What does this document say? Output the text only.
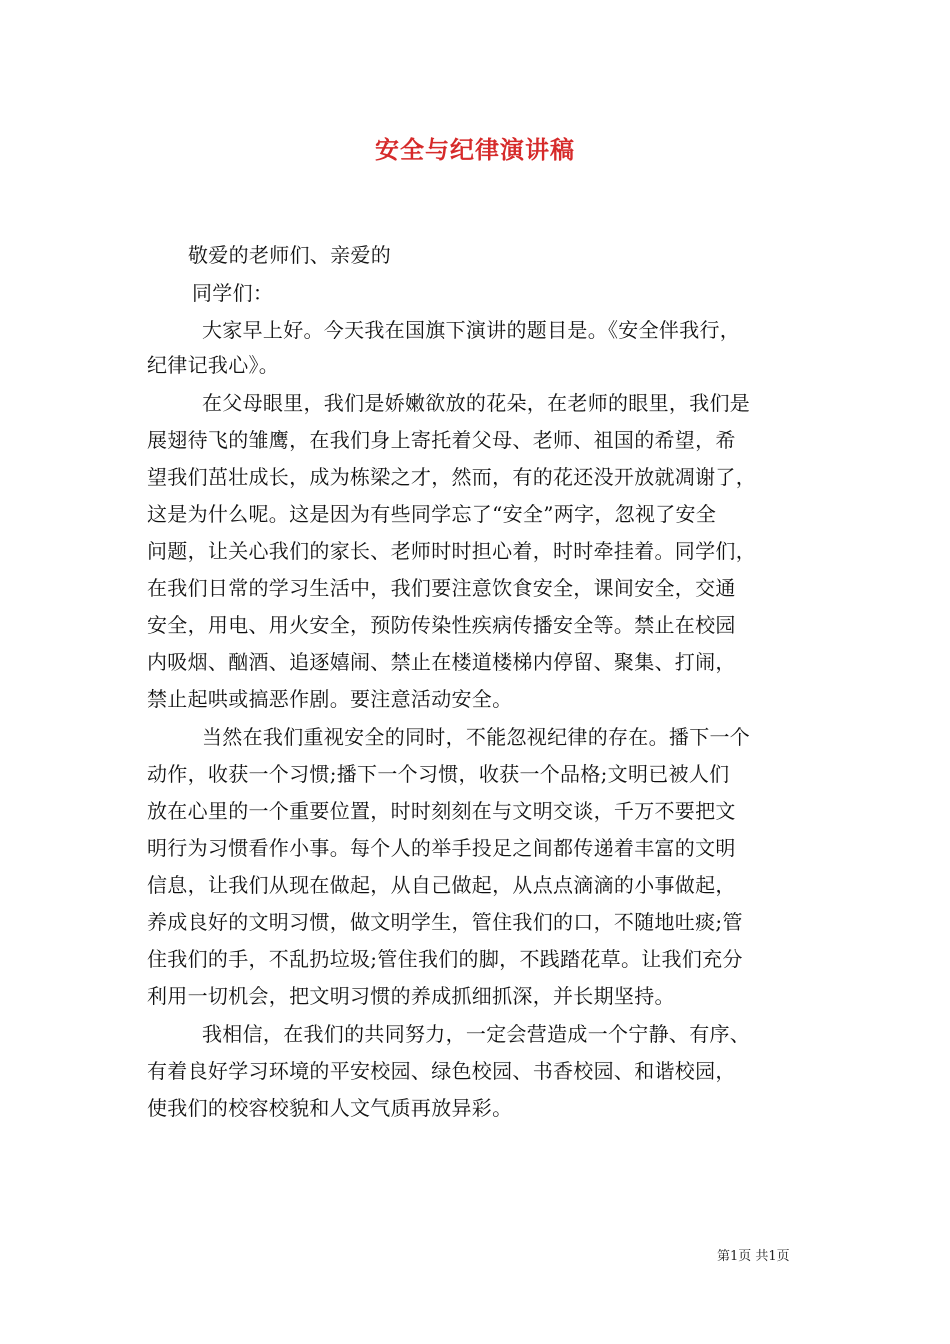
安全与纪律演讲稿
敬爱的老师们、亲爱的
同学们：
大家早上好。今天我在国旗下演讲的题目是。《安全伴我行，
纪律记我心》。
在父母眼里，我们是娇嫩欲放的花朵，在老师的眼里，我们是
展翅待飞的雏鹰，在我们身上寄托着父母、老师、祖国的希望，希
望我们茁壮成长，成为栋梁之才，然而，有的花还没开放就凋谢了，
这是为什么呢。这是因为有些同学忘了“安全”两字，忽视了安全
问题，让关心我们的家长、老师时时担心着，时时牵挂着。同学们，
在我们日常的学习生活中，我们要注意饮食安全，课间安全，交通
安全，用电、用火安全，预防传染性疾病传播安全等。禁止在校园
内吸烟、酗酒、追逐嬉闹、禁止在楼道楼梯内停留、聚集、打闹，
禁止起哄或搞恶作剧。要注意活动安全。
当然在我们重视安全的同时，不能忽视纪律的存在。播下一个
动作，收获一个习惯;播下一个习惯，收获一个品格;文明已被人们
放在心里的一个重要位置，时时刻刻在与文明交谈，千万不要把文
明行为习惯看作小事。每个人的举手投足之间都传递着丰富的文明
信息，让我们从现在做起，从自己做起，从点点滴滴的小事做起，
养成良好的文明习惯，做文明学生，管住我们的口，不随地吐痰;管
住我们的手，不乱扔垃圾;管住我们的脚，不践踏花草。让我们充分
利用一切机会，把文明习惯的养成抓细抓深，并长期坚持。
我相信，在我们的共同努力，一定会营造成一个宁静、有序、
有着良好学习环境的平安校园、绿色校园、书香校园、和谐校园，
使我们的校容校貌和人文气质再放异彩。
第1页 共1页
